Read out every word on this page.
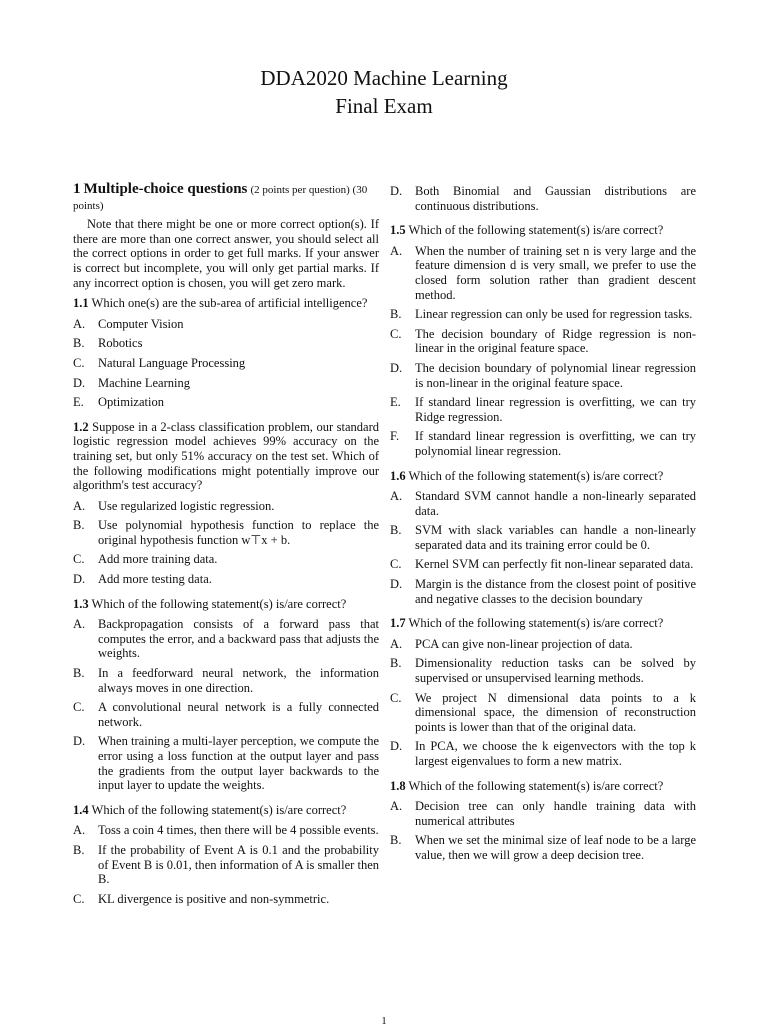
DDA2020 Machine Learning
Final Exam
1 Multiple-choice questions (2 points per question) (30 points)

Note that there might be one or more correct option(s). If there are more than one correct answer, you should select all the correct options in order to get full marks. If your answer is correct but incomplete, you will only get partial marks. If any incorrect option is chosen, you will get zero mark.

1.1 Which one(s) are the sub-area of artificial intelligence?
A.	Computer Vision
B.	Robotics
C.	Natural Language Processing
D.	Machine Learning
E.	Optimization
1.2 Suppose in a 2-class classification problem, our standard logistic regression model achieves 99% accuracy on the training set, but only 51% accuracy on the test set. Which of the following modifications might potentially improve our algorithm's test accuracy?
A.	Use regularized logistic regression.
B.	Use polynomial hypothesis function to replace the original hypothesis function w⊤x + b.
C.	Add more training data.
D.	Add more testing data.
1.3 Which of the following statement(s) is/are correct?
A.	Backpropagation consists of a forward pass that computes the error, and a backward pass that adjusts the weights.
B.	In a feedforward neural network, the information always moves in one direction.
C.	A convolutional neural network is a fully connected network.
D.	When training a multi-layer perception, we compute the error using a loss function at the output layer and pass the gradients from the output layer backwards to the input layer to update the weights.
1.4 Which of the following statement(s) is/are correct?
A.	Toss a coin 4 times, then there will be 4 possible events.
B.	If the probability of Event A is 0.1 and the probability of Event B is 0.01, then information of A is smaller then B.
C.	KL divergence is positive and non-symmetric.
D.	Both Binomial and Gaussian distributions are continuous distributions.
1.5 Which of the following statement(s) is/are correct?
A.	When the number of training set n is very large and the feature dimension d is very small, we prefer to use the closed form solution rather than gradient descent method.
B.	Linear regression can only be used for regression tasks.
C.	The decision boundary of Ridge regression is non-linear in the original feature space.
D.	The decision boundary of polynomial linear regression is non-linear in the original feature space.
E.	If standard linear regression is overfitting, we can try Ridge regression.
F.	If standard linear regression is overfitting, we can try polynomial linear regression.
1.6 Which of the following statement(s) is/are correct?
A.	Standard SVM cannot handle a non-linearly separated data.
B.	SVM with slack variables can handle a non-linearly separated data and its training error could be 0.
C.	Kernel SVM can perfectly fit non-linear separated data.
D.	Margin is the distance from the closest point of positive and negative classes to the decision boundary
1.7 Which of the following statement(s) is/are correct?
A.	PCA can give non-linear projection of data.
B.	Dimensionality reduction tasks can be solved by supervised or unsupervised learning methods.
C.	We project N dimensional data points to a k dimensional space, the dimension of reconstruction points is lower than that of the original data.
D.	In PCA, we choose the k eigenvectors with the top k largest eigenvalues to form a new matrix.
1.8 Which of the following statement(s) is/are correct?
A.	Decision tree can only handle training data with numerical attributes
B.	When we set the minimal size of leaf node to be a large value, then we will grow a deep decision tree.
1
